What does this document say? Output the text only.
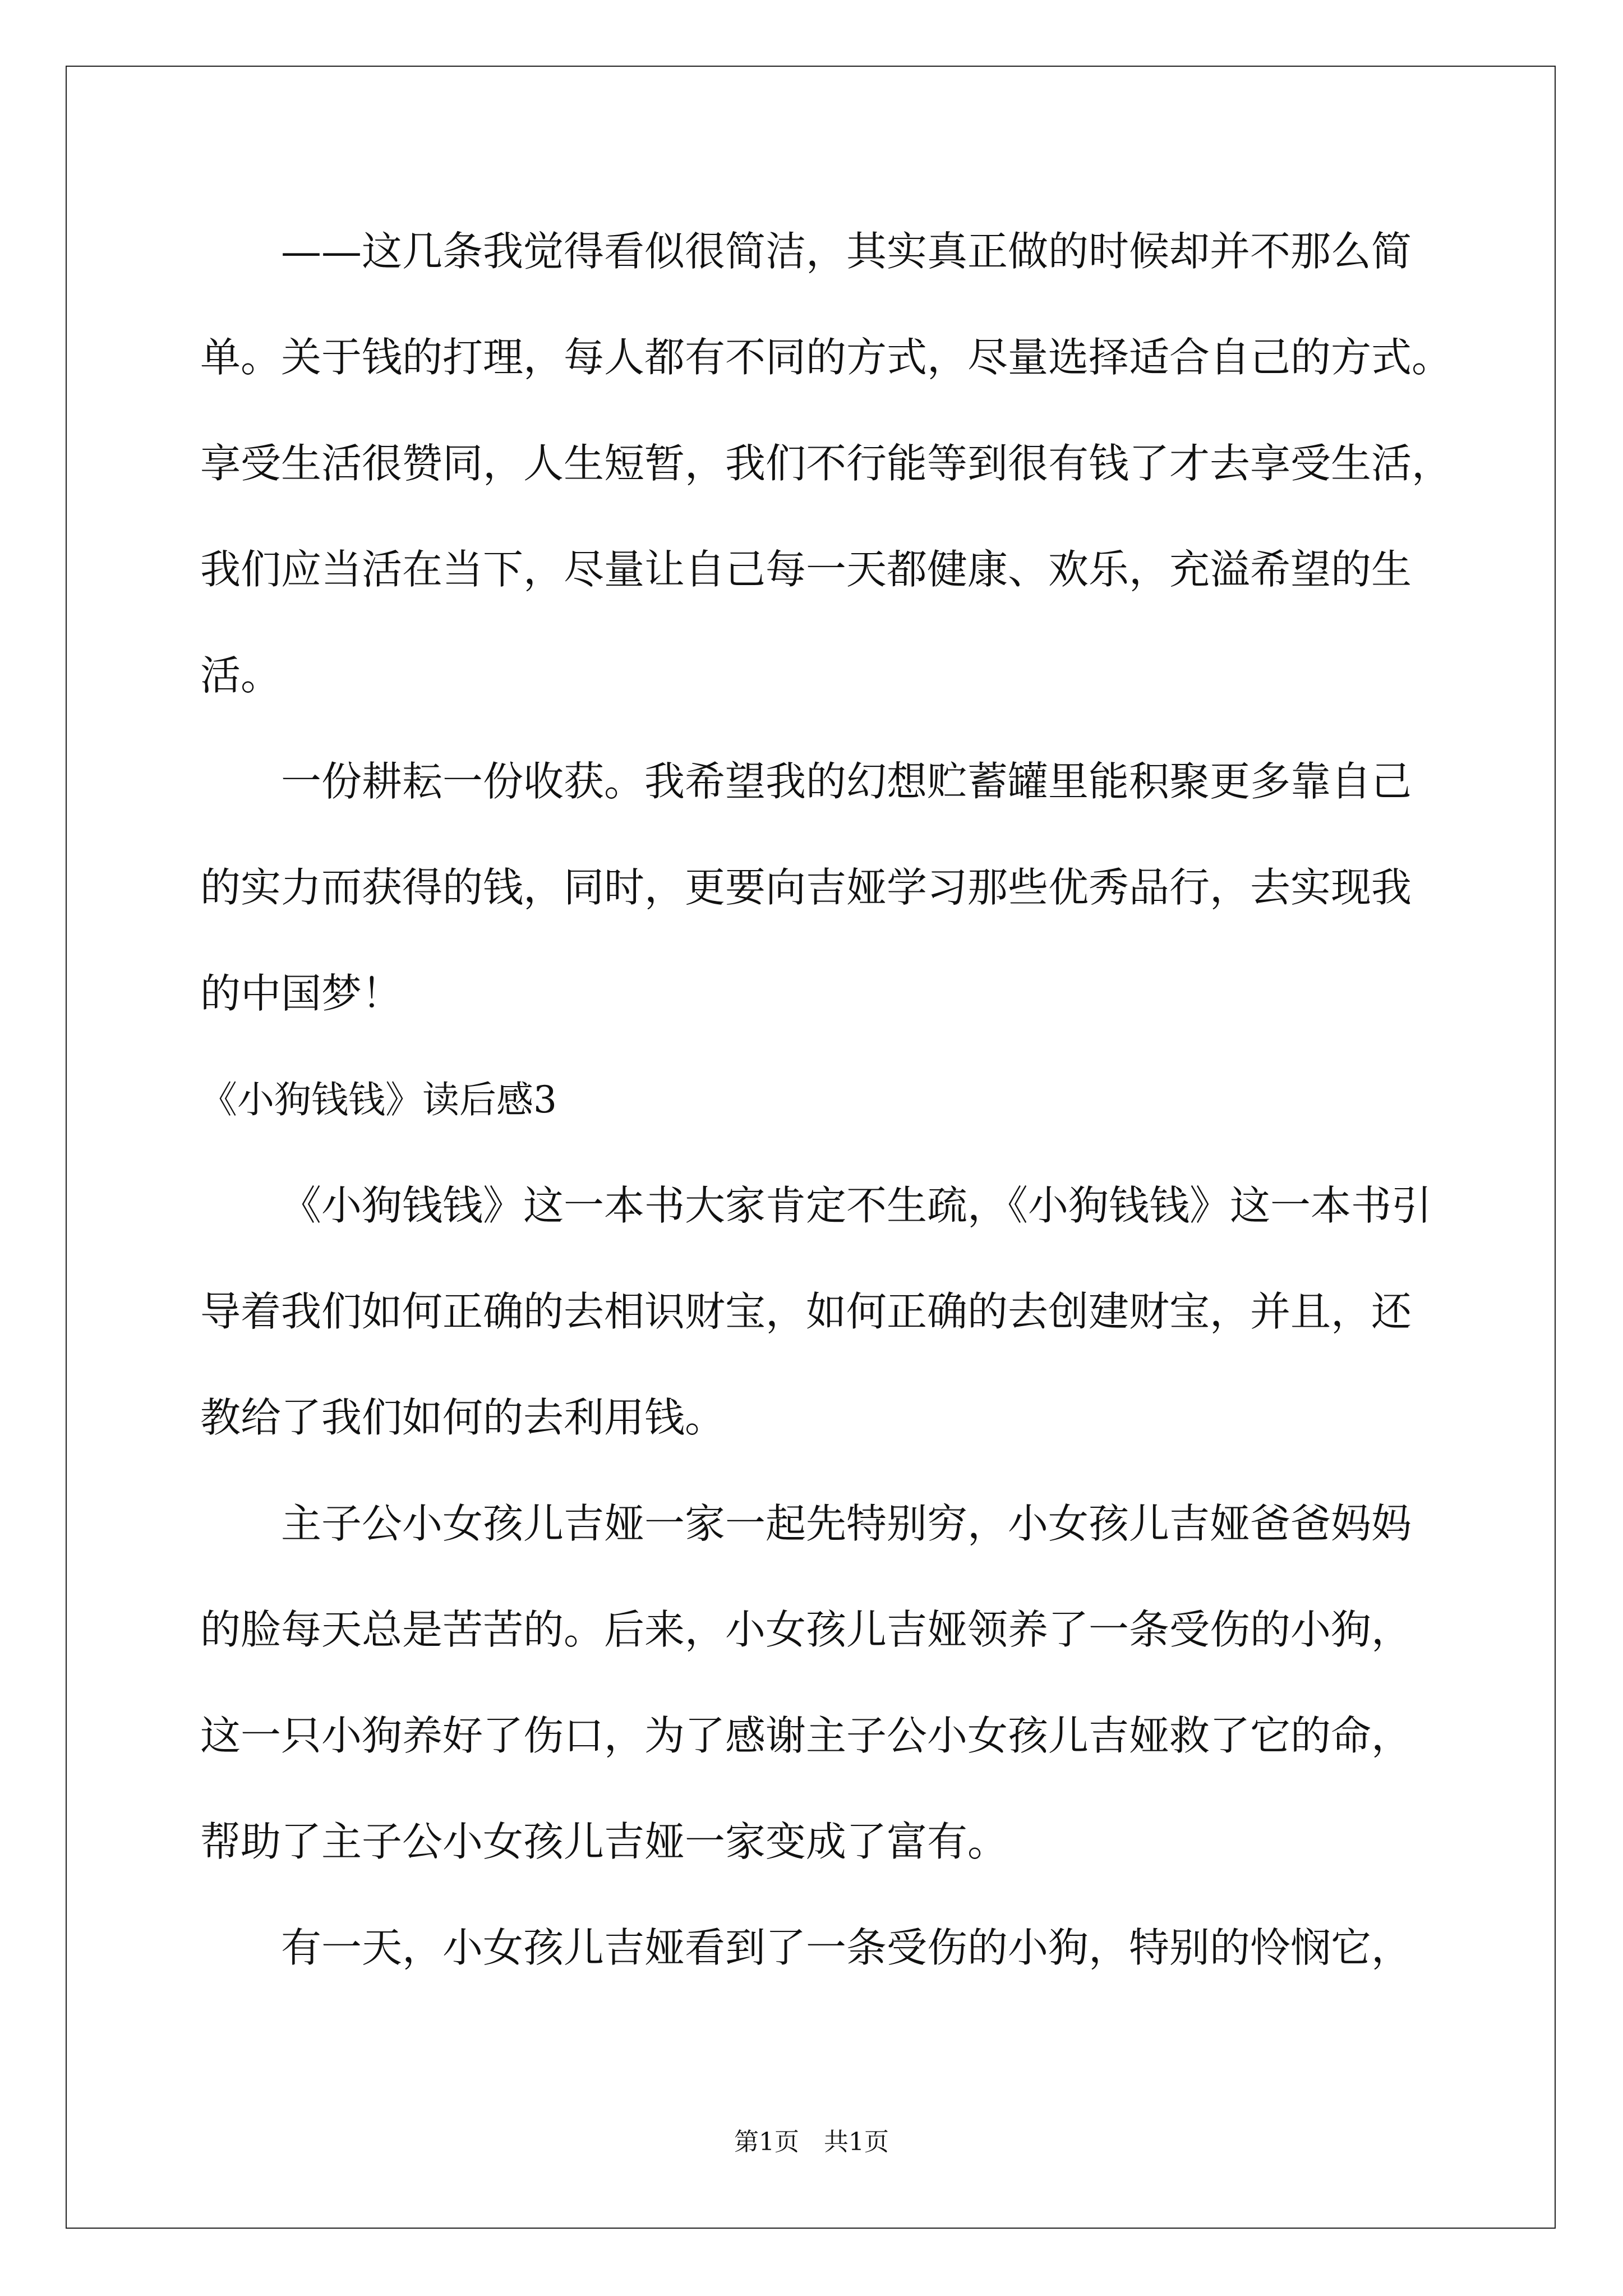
——这几条我觉得看似很简洁，其实真正做的时候却并不那么简
单。关于钱的打理，每人都有不同的方式，尽量选择适合自己的方式。
享受生活很赞同，人生短暂，我们不行能等到很有钱了才去享受生活，
我们应当活在当下，尽量让自己每一天都健康、欢乐，充溢希望的生
活。
一份耕耘一份收获。我希望我的幻想贮蓄罐里能积聚更多靠自己
的实力而获得的钱，同时，更要向吉娅学习那些优秀品行，去实现我
的中国梦！
《小狗钱钱》读后感3
《小狗钱钱》这一本书大家肯定不生疏，《小狗钱钱》这一本书引
导着我们如何正确的去相识财宝，如何正确的去创建财宝，并且，还
教给了我们如何的去利用钱。
主子公小女孩儿吉娅一家一起先特别穷，小女孩儿吉娅爸爸妈妈
的脸每天总是苦苦的。后来，小女孩儿吉娅领养了一条受伤的小狗，
这一只小狗养好了伤口，为了感谢主子公小女孩儿吉娅救了它的命，
帮助了主子公小女孩儿吉娅一家变成了富有。
有一天，小女孩儿吉娅看到了一条受伤的小狗，特别的怜悯它，
第1页　共1页
